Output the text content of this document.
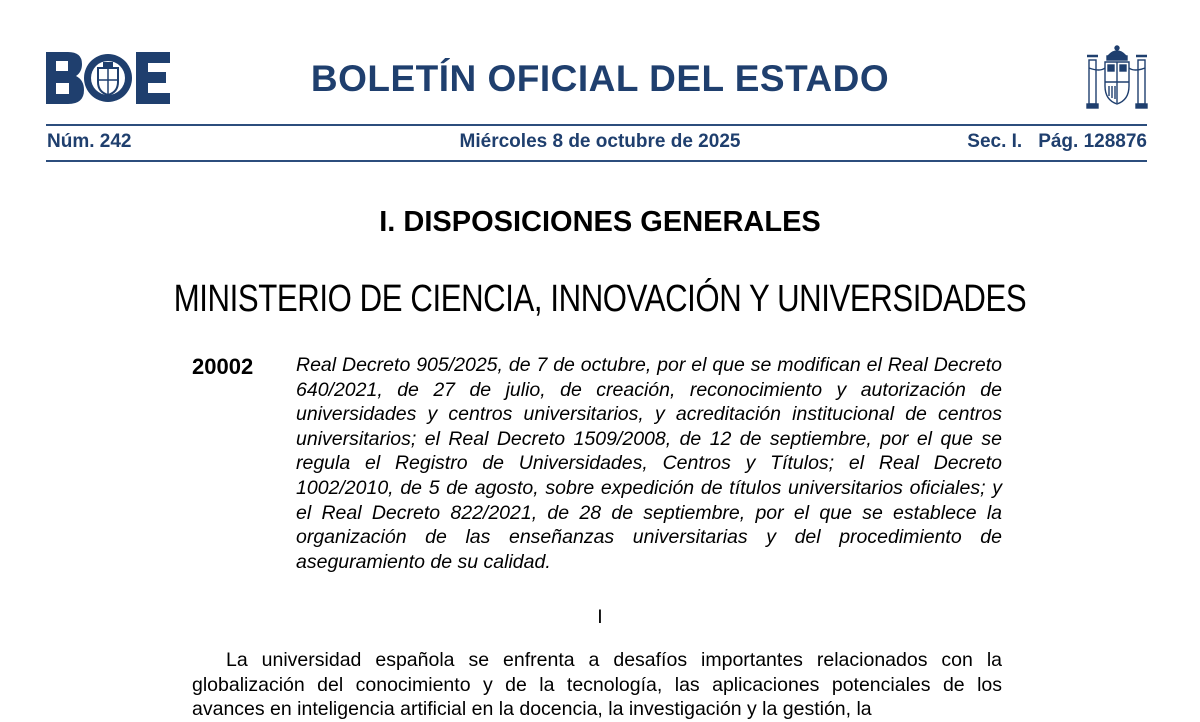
BOLETÍN OFICIAL DEL ESTADO
Núm. 242	Miércoles 8 de octubre de 2025	Sec. I. Pág. 128876
I. DISPOSICIONES GENERALES
MINISTERIO DE CIENCIA, INNOVACIÓN Y UNIVERSIDADES
20002 Real Decreto 905/2025, de 7 de octubre, por el que se modifican el Real Decreto 640/2021, de 27 de julio, de creación, reconocimiento y autorización de universidades y centros universitarios, y acreditación institucional de centros universitarios; el Real Decreto 1509/2008, de 12 de septiembre, por el que se regula el Registro de Universidades, Centros y Títulos; el Real Decreto 1002/2010, de 5 de agosto, sobre expedición de títulos universitarios oficiales; y el Real Decreto 822/2021, de 28 de septiembre, por el que se establece la organización de las enseñanzas universitarias y del procedimiento de aseguramiento de su calidad.
I
La universidad española se enfrenta a desafíos importantes relacionados con la globalización del conocimiento y de la tecnología, las aplicaciones potenciales de los avances en inteligencia artificial en la docencia, la investigación y la gestión, la
